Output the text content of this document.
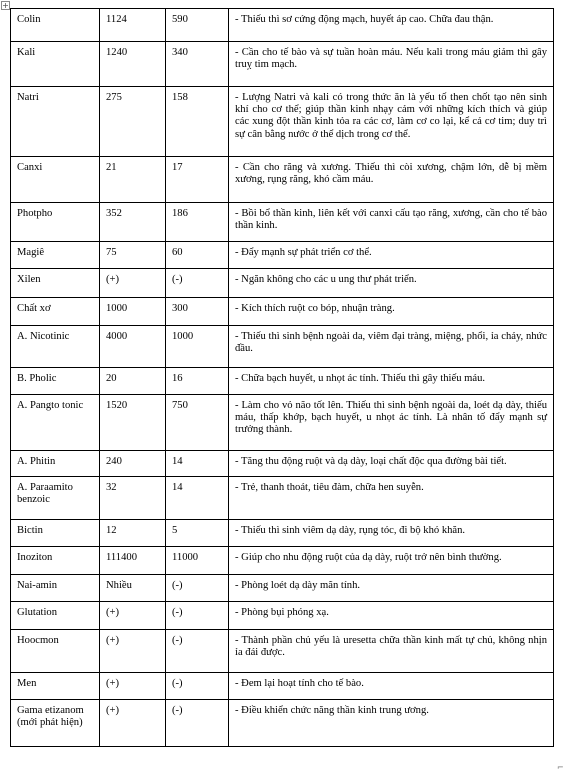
+
Colin	1124	590	- Thiếu thì sơ cứng động mạch, huyết áp cao. Chữa đau thận.
Kali	1240	340	- Cần cho tế bào và sự tuần hoàn máu. Nếu kali trong máu giảm thì gây truỵ tim mạch.
Natri	275	158	- Lượng Natri và kali có trong thức ăn là yếu tố then chốt tạo nên sinh khí cho cơ thể; giúp thần kinh nhạy cảm với những kích thích và giúp các xung đột thần kinh tỏa ra các cơ, làm cơ co lại, kể cả cơ tim; duy trì sự cân bằng nước ở thể dịch trong cơ thể.
Canxi	21	17	- Cần cho răng và xương. Thiếu thì còi xương, chậm lớn, dễ bị mềm xương, rụng răng, khó cầm máu.
Photpho	352	186	- Bồi bổ thần kinh, liên kết với canxi cấu tạo răng, xương, cần cho tế bào thần kinh.
Magiê	75	60	- Đẩy mạnh sự phát triển cơ thể.
Xilen	(+)	(-)	- Ngăn không cho các u ung thư phát triển.
Chất xơ	1000	300	- Kích thích ruột co bóp, nhuận tràng.
A. Nicotinic	4000	1000	- Thiếu thì sinh bệnh ngoài da, viêm đại tràng, miệng, phổi, ỉa chảy, nhức đầu.
B. Pholic	20	16	- Chữa bạch huyết, u nhọt ác tính. Thiếu thì gây thiếu máu.
A. Pangto tonic	1520	750	- Làm cho vỏ não tốt lên. Thiếu thì sinh bệnh ngoài da, loét dạ dày, thiếu máu, thấp khớp, bạch huyết, u nhọt ác tính. Là nhân tố đẩy mạnh sự trưởng thành.
A. Phitin	240	14	- Tăng thu động ruột và dạ dày, loại chất độc qua đường bài tiết.
A. Paraamito benzoic	32	14	- Trẻ, thanh thoát, tiêu đàm, chữa hen suyễn.
Bictin	12	5	- Thiếu thì sinh viêm dạ dày, rụng tóc, đi bộ khó khăn.
Inoziton	111400	11000	- Giúp cho nhu động ruột của dạ dày, ruột trở nên bình thường.
Nai-amin	Nhiều	(-)	- Phòng loét dạ dày mãn tính.
Glutation	(+)	(-)	- Phòng bụi phóng xạ.
Hoocmon	(+)	(-)	- Thành phần chủ yếu là uresetta chữa thần kinh mất tự chủ, không nhịn ỉa đái được.
Men	(+)	(-)	- Đem lại hoạt tính cho tế bào.
Gama etizanom (mới phát hiện)	(+)	(-)	- Điều khiển chức năng thần kinh trung ương.
⌐
